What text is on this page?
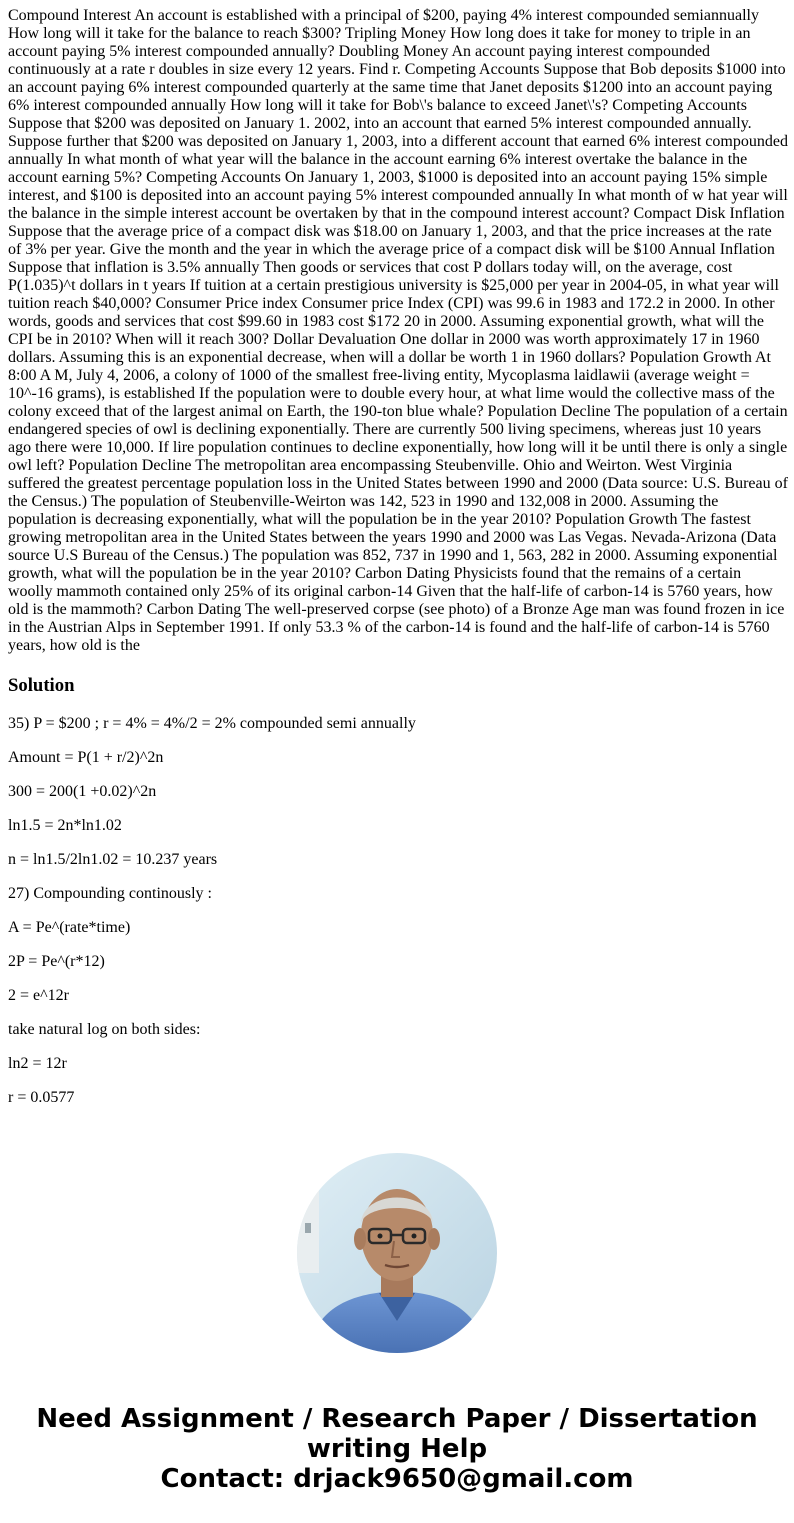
Compound Interest An account is established with a principal of $200, paying 4% interest compounded semiannually How long will it take for the balance to reach $300? Tripling Money How long does it take for money to triple in an account paying 5% interest compounded annually? Doubling Money An account paying interest compounded continuously at a rate r doubles in size every 12 years. Find r. Competing Accounts Suppose that Bob deposits $1000 into an account paying 6% interest compounded quarterly at the same time that Janet deposits $1200 into an account paying 6% interest compounded annually How long will it take for Bob\'s balance to exceed Janet\'s? Competing Accounts Suppose that $200 was deposited on January 1. 2002, into an account that earned 5% interest compounded annually. Suppose further that $200 was deposited on January 1, 2003, into a different account that earned 6% interest compounded annually In what month of what year will the balance in the account earning 6% interest overtake the balance in the account earning 5%? Competing Accounts On January 1, 2003, $1000 is deposited into an account paying 15% simple interest, and $100 is deposited into an account paying 5% interest compounded annually In what month of w hat year will the balance in the simple interest account be overtaken by that in the compound interest account? Compact Disk Inflation Suppose that the average price of a compact disk was $18.00 on January 1, 2003, and that the price increases at the rate of 3% per year. Give the month and the year in which the average price of a compact disk will be $100 Annual Inflation Suppose that inflation is 3.5% annually Then goods or services that cost P dollars today will, on the average, cost P(1.035)^t dollars in t years If tuition at a certain prestigious university is $25,000 per year in 2004-05, in what year will tuition reach $40,000? Consumer Price index Consumer price Index (CPI) was 99.6 in 1983 and 172.2 in 2000. In other words, goods and services that cost $99.60 in 1983 cost $172 20 in 2000. Assuming exponential growth, what will the CPI be in 2010? When will it reach 300? Dollar Devaluation One dollar in 2000 was worth approximately 17 in 1960 dollars. Assuming this is an exponential decrease, when will a dollar be worth 1 in 1960 dollars? Population Growth At 8:00 A M, July 4, 2006, a colony of 1000 of the smallest free-living entity, Mycoplasma laidlawii (average weight = 10^-16 grams), is established If the population were to double every hour, at what lime would the collective mass of the colony exceed that of the largest animal on Earth, the 190-ton blue whale? Population Decline The population of a certain endangered species of owl is declining exponentially. There are currently 500 living specimens, whereas just 10 years ago there were 10,000. If lire population continues to decline exponentially, how long will it be until there is only a single owl left? Population Decline The metropolitan area encompassing Steubenville. Ohio and Weirton. West Virginia suffered the greatest percentage population loss in the United States between 1990 and 2000 (Data source: U.S. Bureau of the Census.) The population of Steubenville-Weirton was 142, 523 in 1990 and 132,008 in 2000. Assuming the population is decreasing exponentially, what will the population be in the year 2010? Population Growth The fastest growing metropolitan area in the United States between the years 1990 and 2000 was Las Vegas. Nevada-Arizona (Data source U.S Bureau of the Census.) The population was 852, 737 in 1990 and 1, 563, 282 in 2000. Assuming exponential growth, what will the population be in the year 2010? Carbon Dating Physicists found that the remains of a certain woolly mammoth contained only 25% of its original carbon-14 Given that the half-life of carbon-14 is 5760 years, how old is the mammoth? Carbon Dating The well-preserved corpse (see photo) of a Bronze Age man was found frozen in ice in the Austrian Alps in September 1991. If only 53.3 % of the carbon-14 is found and the half-life of carbon-14 is 5760 years, how old is the

Solution
35) P = $200 ; r = 4% = 4%/2 = 2% compounded semi annually
Amount = P(1 + r/2)^2n
300 = 200(1 +0.02)^2n
ln1.5 = 2n*ln1.02
n = ln1.5/2ln1.02 = 10.237 years
27) Compounding continously :
A = Pe^(rate*time)
2P = Pe^(r*12)
2 = e^12r
take natural log on both sides:
ln2 = 12r
r = 0.0577

Need Assignment / Research Paper / Dissertation
writing Help
Contact: drjack9650@gmail.com
